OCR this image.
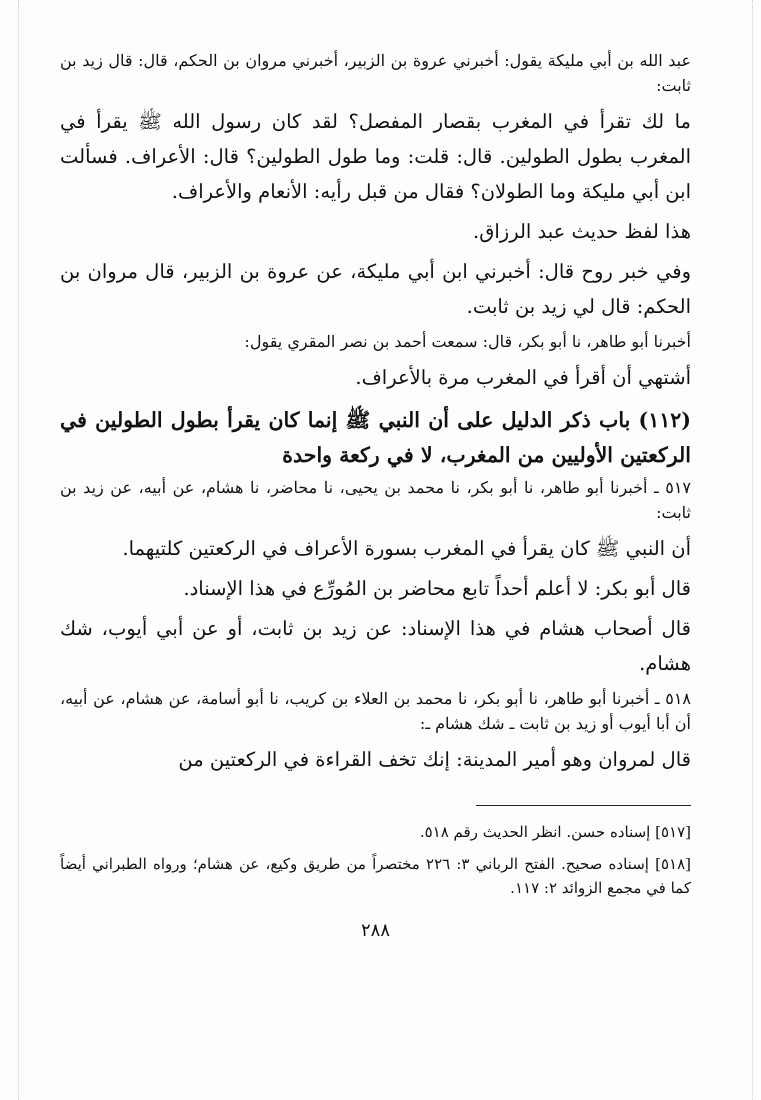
عبد الله بن أبي مليكة يقول: أخبرني عروة بن الزبير، أخبرني مروان بن الحكم، قال: قال زيد بن ثابت:

ما لك تقرأ في المغرب بقصار المفصل؟ لقد كان رسول الله ﷺ يقرأ في المغرب بطول الطولين. قال: قلت: وما طول الطولين؟ قال: الأعراف. فسألت ابن أبي مليكة وما الطولان؟ فقال من قبل رأيه: الأنعام والأعراف.

هذا لفظ حديث عبد الرزاق.

وفي خبر روح قال: أخبرني ابن أبي مليكة، عن عروة بن الزبير، قال مروان بن الحكم: قال لي زيد بن ثابت.

أخبرنا أبو طاهر، نا أبو بكر، قال: سمعت أحمد بن نصر المقري يقول:

أشتهي أن أقرأ في المغرب مرة بالأعراف.

(١١٢) باب ذكر الدليل على أن النبي ﷺ إنما كان يقرأ بطول الطولين في الركعتين الأوليين من المغرب، لا في ركعة واحدة

٥١٧ ـ أخبرنا أبو طاهر، نا أبو بكر، نا محمد بن يحيى، نا محاضر، نا هشام، عن أبيه، عن زيد بن ثابت:

أن النبي ﷺ كان يقرأ في المغرب بسورة الأعراف في الركعتين كلتيهما.

قال أبو بكر: لا أعلم أحداً تابع محاضر بن المُورِّع في هذا الإسناد.

قال أصحاب هشام في هذا الإسناد: عن زيد بن ثابت، أو عن أبي أيوب، شك هشام.

٥١٨ ـ أخبرنا أبو طاهر، نا أبو بكر، نا محمد بن العلاء بن كريب، نا أبو أسامة، عن هشام، عن أبيه، أن أبا أيوب أو زيد بن ثابت ـ شك هشام ـ:

قال لمروان وهو أمير المدينة: إنك تخف القراءة في الركعتين من

[٥١٧] إسناده حسن. انظر الحديث رقم ٥١٨.

[٥١٨] إسناده صحيح. الفتح الرباني ٣: ٢٢٦ مختصراً من طريق وكيع، عن هشام؛ ورواه الطبراني أيضاً كما في مجمع الزوائد ٢: ١١٧.

٢٨٨
